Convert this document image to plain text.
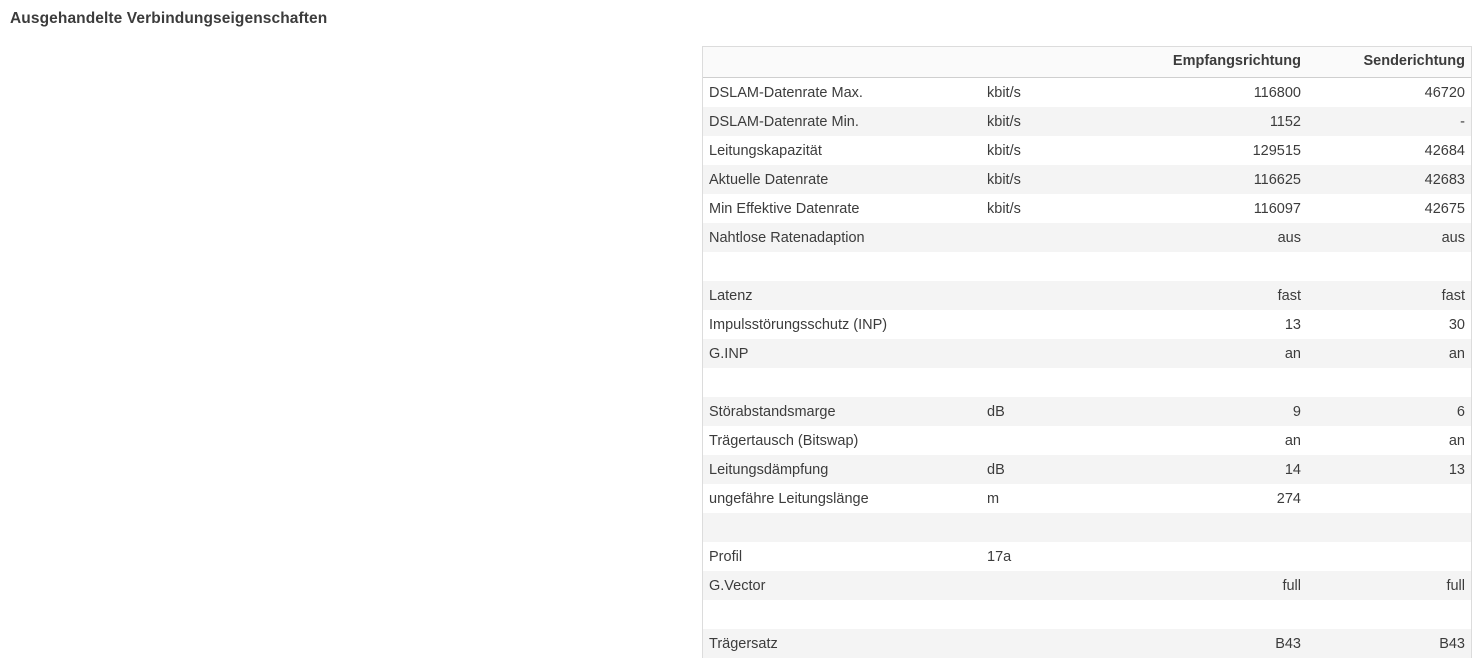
Ausgehandelte Verbindungseigenschaften
		Empfangsrichtung	Senderichtung
DSLAM-Datenrate Max.	kbit/s	116800	46720
DSLAM-Datenrate Min.	kbit/s	1152	-
Leitungskapazität	kbit/s	129515	42684
Aktuelle Datenrate	kbit/s	116625	42683
Min Effektive Datenrate	kbit/s	116097	42675
Nahtlose Ratenadaption		aus	aus

Latenz		fast	fast
Impulsstörungsschutz (INP)		13	30
G.INP		an	an

Störabstandsmarge	dB	9	6
Trägertausch (Bitswap)		an	an
Leitungsdämpfung	dB	14	13
ungefähre Leitungslänge	m	274	

Profil	17a		
G.Vector		full	full

Trägersatz		B43	B43
